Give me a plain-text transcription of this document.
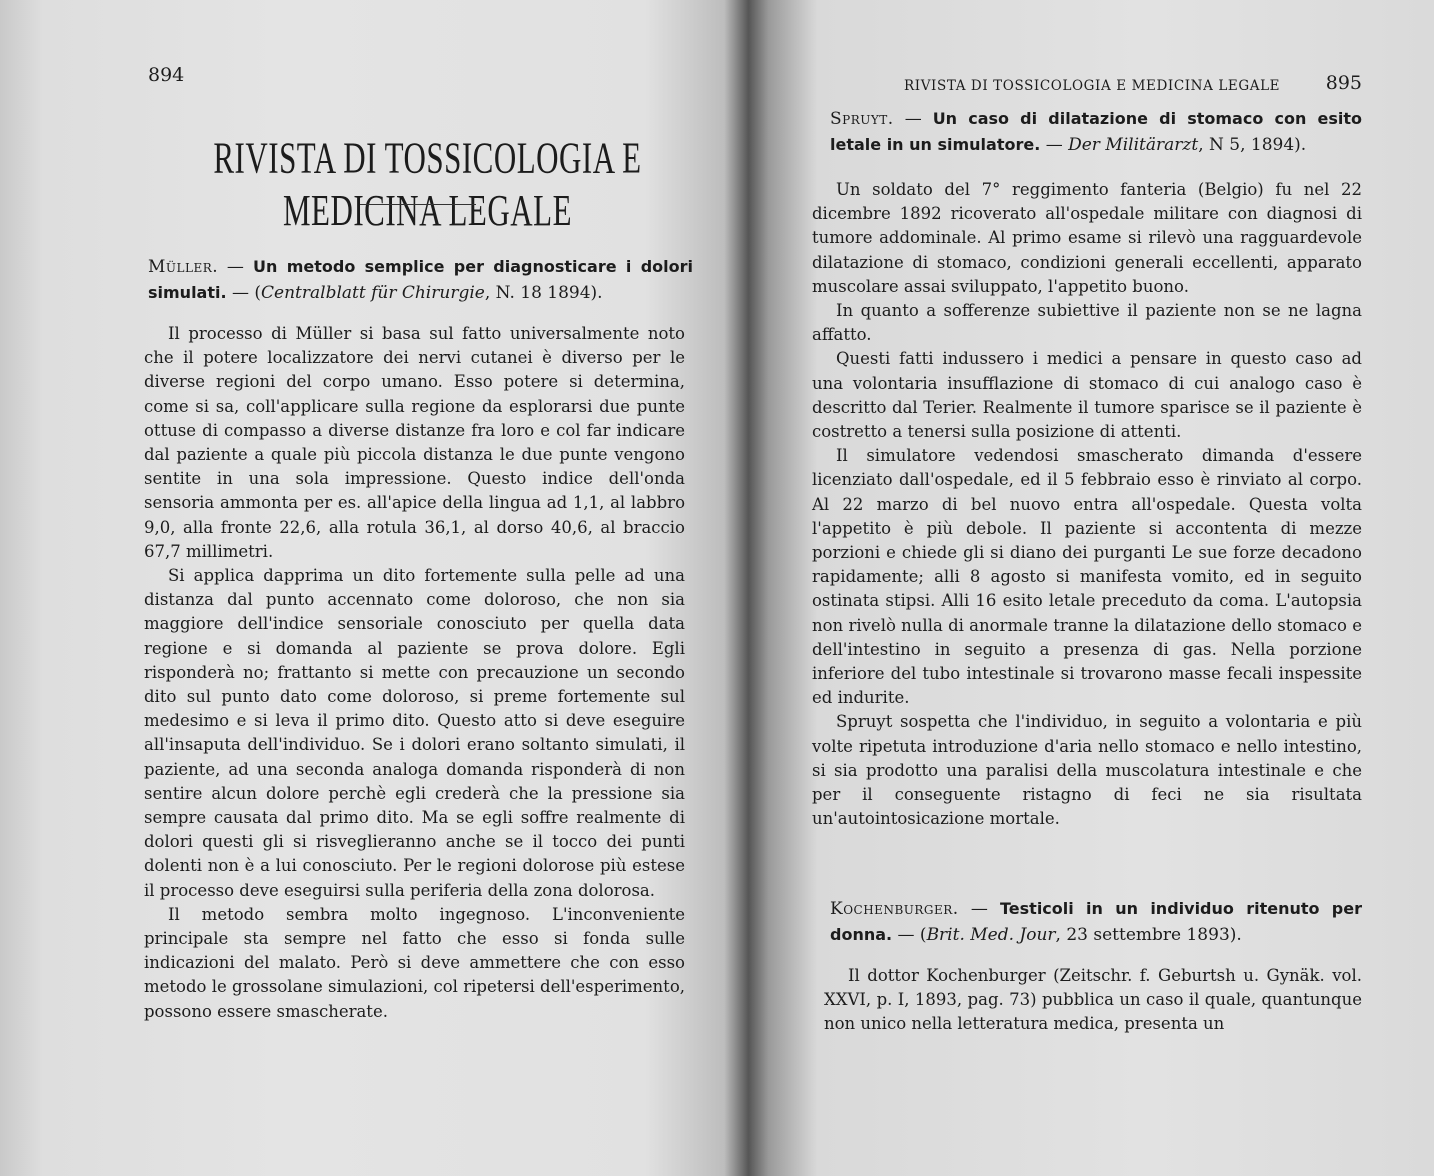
894
RIVISTA DI TOSSICOLOGIA E MEDICINA LEGALE
Müller. — Un metodo semplice per diagnosticare i dolori simulati. — (Centralblatt für Chirurgie, N. 18 1894).

Il processo di Müller si basa sul fatto universalmente noto che il potere localizzatore dei nervi cutanei è diverso per le diverse regioni del corpo umano. Esso potere si determina, come si sa, coll'applicare sulla regione da esplorarsi due punte ottuse di compasso a diverse distanze fra loro e col far indicare dal paziente a quale più piccola distanza le due punte vengono sentite in una sola impressione. Questo indice dell'onda sensoria ammonta per es. all'apice della lingua ad 1,1, al labbro 9,0, alla fronte 22,6, alla rotula 36,1, al dorso 40,6, al braccio 67,7 millimetri.

Si applica dapprima un dito fortemente sulla pelle ad una distanza dal punto accennato come doloroso, che non sia maggiore dell'indice sensoriale conosciuto per quella data regione e si domanda al paziente se prova dolore. Egli risponderà no; frattanto si mette con precauzione un secondo dito sul punto dato come doloroso, si preme fortemente sul medesimo e si leva il primo dito. Questo atto si deve eseguire all'insaputa dell'individuo. Se i dolori erano soltanto simulati, il paziente, ad una seconda analoga domanda risponderà di non sentire alcun dolore perchè egli crederà che la pressione sia sempre causata dal primo dito. Ma se egli soffre realmente di dolori questi gli si risveglieranno anche se il tocco dei punti dolenti non è a lui conosciuto. Per le regioni dolorose più estese il processo deve eseguirsi sulla periferia della zona dolorosa.

Il metodo sembra molto ingegnoso. L'inconveniente principale sta sempre nel fatto che esso si fonda sulle indicazioni del malato. Però si deve ammettere che con esso metodo le grossolane simulazioni, col ripetersi dell'esperimento, possono essere smascherate.

RIVISTA DI TOSSICOLOGIA E MEDICINA LEGALE 895
Spruyt. — Un caso di dilatazione di stomaco con esito letale in un simulatore. — Der Militärarzt, N 5, 1894).

Un soldato del 7° reggimento fanteria (Belgio) fu nel 22 dicembre 1892 ricoverato all'ospedale militare con diagnosi di tumore addominale. Al primo esame si rilevò una ragguardevole dilatazione di stomaco, condizioni generali eccellenti, apparato muscolare assai sviluppato, l'appetito buono.

In quanto a sofferenze subiettive il paziente non se ne lagna affatto.

Questi fatti indussero i medici a pensare in questo caso ad una volontaria insufflazione di stomaco di cui analogo caso è descritto dal Terier. Realmente il tumore sparisce se il paziente è costretto a tenersi sulla posizione di attenti.

Il simulatore vedendosi smascherato dimanda d'essere licenziato dall'ospedale, ed il 5 febbraio esso è rinviato al corpo. Al 22 marzo di bel nuovo entra all'ospedale. Questa volta l'appetito è più debole. Il paziente si accontenta di mezze porzioni e chiede gli si diano dei purganti Le sue forze decadono rapidamente; alli 8 agosto si manifesta vomito, ed in seguito ostinata stipsi. Alli 16 esito letale preceduto da coma. L'autopsia non rivelò nulla di anormale tranne la dilatazione dello stomaco e dell'intestino in seguito a presenza di gas. Nella porzione inferiore del tubo intestinale si trovarono masse fecali inspessite ed indurite.

Spruyt sospetta che l'individuo, in seguito a volontaria e più volte ripetuta introduzione d'aria nello stomaco e nello intestino, si sia prodotto una paralisi della muscolatura intestinale e che per il conseguente ristagno di feci ne sia risultata un'autointosicazione mortale.

Kochenburger. — Testicoli in un individuo ritenuto per donna. — (Brit. Med. Jour, 23 settembre 1893).

Il dottor Kochenburger (Zeitschr. f. Geburtsh u. Gynäk. vol. XXVI, p. I, 1893, pag. 73) pubblica un caso il quale, quantunque non unico nella letteratura medica, presenta un
